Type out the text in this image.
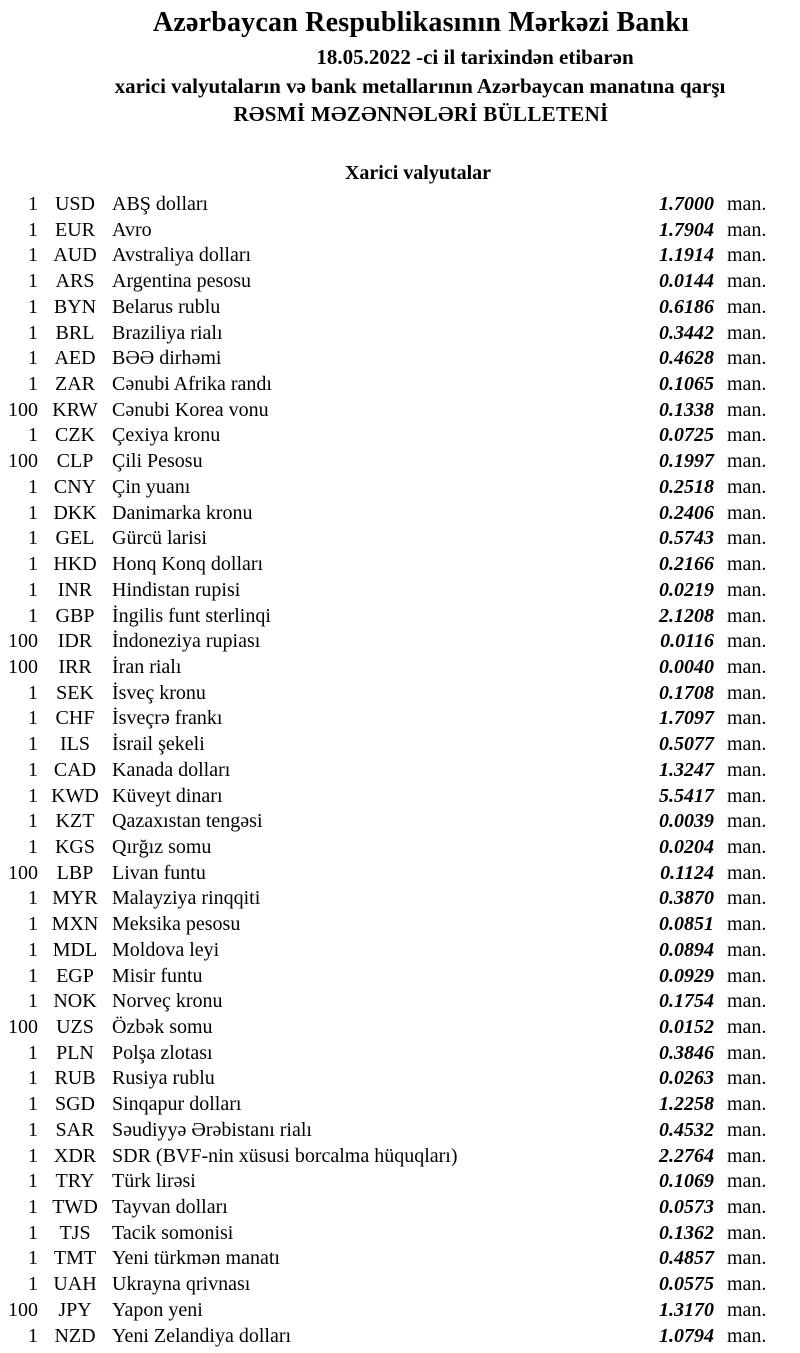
Azərbaycan Respublikasının Mərkəzi Bankı
18.05.2022 -ci il tarixindən etibarən
xarici valyutaların və bank metallarının Azərbaycan manatına qarşı
RƏSMİ MƏZƏNNƏLƏRİ BÜLLETENİ
Xarici valyutalar
1 USD ABŞ dolları	1.7000 man.
1 EUR Avro	1.7904 man.
1 AUD Avstraliya dolları	1.1914 man.
1 ARS Argentina pesosu	0.0144 man.
1 BYN Belarus rublu	0.6186 man.
1 BRL Braziliya rialı	0.3442 man.
1 AED BƏƏ dirhəmi	0.4628 man.
1 ZAR Cənubi Afrika randı	0.1065 man.
100 KRW Cənubi Korea vonu	0.1338 man.
1 CZK Çexiya kronu	0.0725 man.
100 CLP Çili Pesosu	0.1997 man.
1 CNY Çin yuanı	0.2518 man.
1 DKK Danimarka kronu	0.2406 man.
1 GEL Gürcü larisi	0.5743 man.
1 HKD Honq Konq dolları	0.2166 man.
1 INR Hindistan rupisi	0.0219 man.
1 GBP İngilis funt sterlinqi	2.1208 man.
100 IDR İndoneziya rupiası	0.0116 man.
100	IRR	İran rialı	0.0040 man.
1 SEK İsveç kronu	0.1708 man.
1 CHF İsveçrə frankı	1.7097 man.
1	ILS	İsrail şekeli	0.5077 man.
1 CAD Kanada dolları	1.3247 man.
1 KWD Küveyt dinarı	5.5417 man.
1 KZT Qazaxıstan tengəsi	0.0039 man.
1 KGS Qırğız somu	0.0204 man.
100 LBP Livan funtu	0.1124 man.
1 MYR Malayziya rinqqiti	0.3870 man.
1 MXN Meksika pesosu	0.0851 man.
1 MDL Moldova leyi	0.0894 man.
1 EGP Misir funtu	0.0929 man.
1 NOK Norveç kronu	0.1754 man.
100 UZS Özbək somu	0.0152 man.
1 PLN Polşa zlotası	0.3846 man.
1 RUB Rusiya rublu	0.0263 man.
1 SGD Sinqapur dolları	1.2258 man.
1 SAR Səudiyyə Ərəbistanı rialı	0.4532 man.
1 XDR SDR (BVF-nin xüsusi borcalma hüquqları)	2.2764 man.
1 TRY Türk lirəsi	0.1069 man.
1 TWD Tayvan dolları	0.0573 man.
1	TJS	Tacik somonisi	0.1362 man.
1 TMT Yeni türkmən manatı	0.4857 man.
1 UAH Ukrayna qrivnası	0.0575 man.
100	JPY	Yapon yeni	1.3170 man.
1 NZD Yeni Zelandiya dolları	1.0794 man.
